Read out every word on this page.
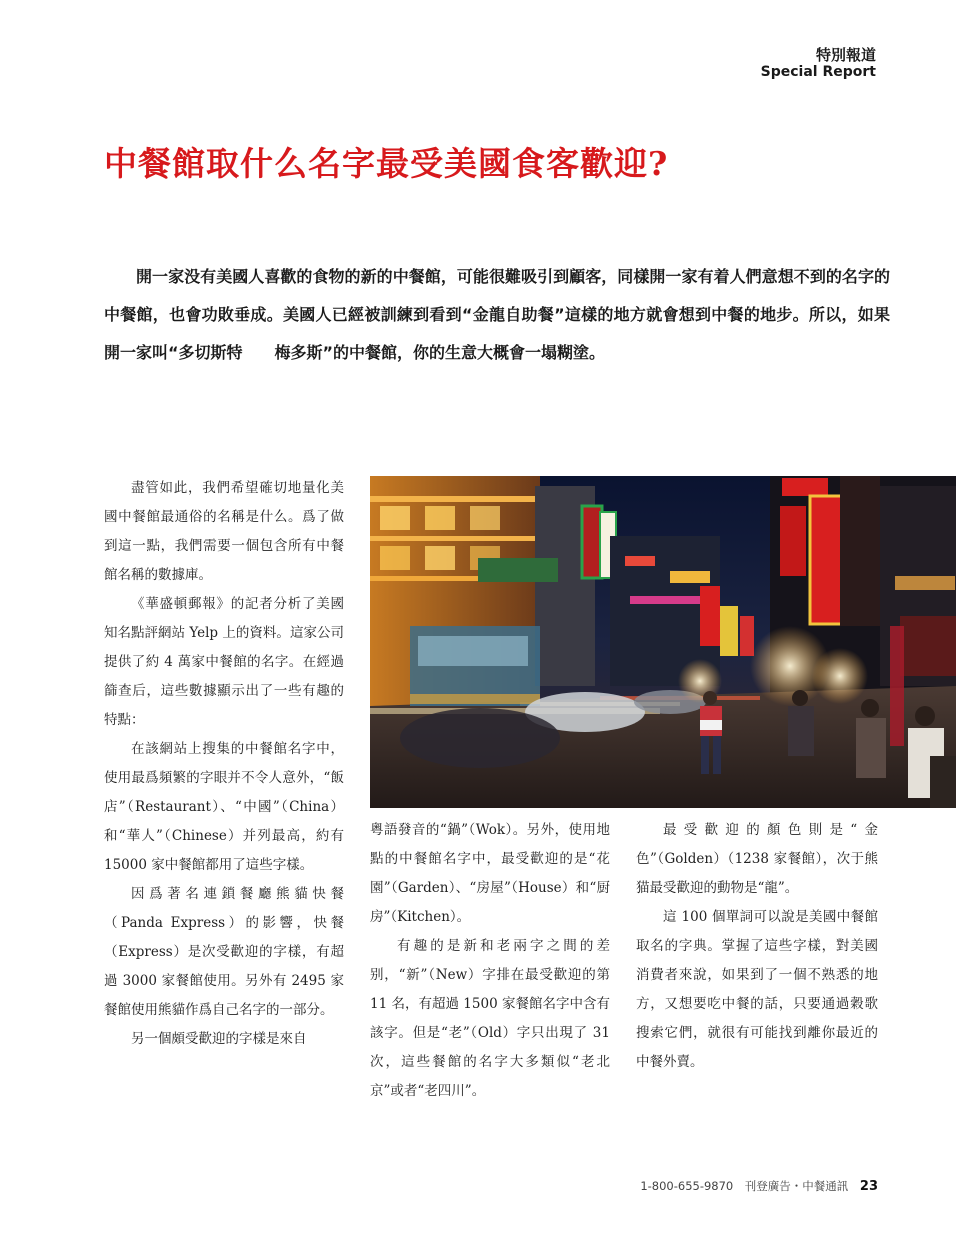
特別報道
Special Report
中餐館取什么名字最受美國食客歡迎?

開一家没有美國人喜歡的食物的新的中餐館，可能很難吸引到顧客，同樣開一家有着人們意想不到的名字的中餐館，也會功敗垂成。美國人已經被訓練到看到“金龍自助餐”這樣的地方就會想到中餐的地步。所以，如果開一家叫“多切斯特　　梅多斯”的中餐館，你的生意大概會一塌糊塗。

盡管如此，我們希望確切地量化美國中餐館最通俗的名稱是什么。爲了做到這一點，我們需要一個包含所有中餐館名稱的數據庫。

《華盛頓郵報》的記者分析了美國知名點評網站 Yelp 上的資料。這家公司提供了約 4 萬家中餐館的名字。在經過篩查后，這些數據顯示出了一些有趣的特點：

在該網站上搜集的中餐館名字中，使用最爲頻繁的字眼并不令人意外，“飯店”（Restaurant）、“中國”（China）和“華人”（Chinese）并列最高，約有 15000 家中餐館都用了這些字樣。

因爲著名連鎖餐廳熊貓快餐（Panda Express）的影響，快餐（Express）是次受歡迎的字樣，有超過 3000 家餐館使用。另外有 2495 家餐館使用熊貓作爲自己名字的一部分。

另一個頗受歡迎的字樣是來自

粵語發音的“鍋”（Wok）。另外，使用地點的中餐館名字中，最受歡迎的是“花園”（Garden）、“房屋”（House）和“厨房”（Kitchen）。

有趣的是新和老兩字之間的差别，“新”（New）字排在最受歡迎的第 11 名，有超過 1500 家餐館名字中含有該字。但是“老”（Old）字只出現了 31 次，這些餐館的名字大多類似“老北京”或者“老四川”。

最受歡迎的顏色則是“金色”（Golden）（1238 家餐館），次于熊猫最受歡迎的動物是“龍”。

這 100 個單詞可以說是美國中餐館取名的字典。掌握了這些字樣，對美國消費者來說，如果到了一個不熟悉的地方，又想要吃中餐的話，只要通過穀歌搜索它們，就很有可能找到離你最近的中餐外賣。

1-800-655-9870　刊登廣告・中餐通訊 23
